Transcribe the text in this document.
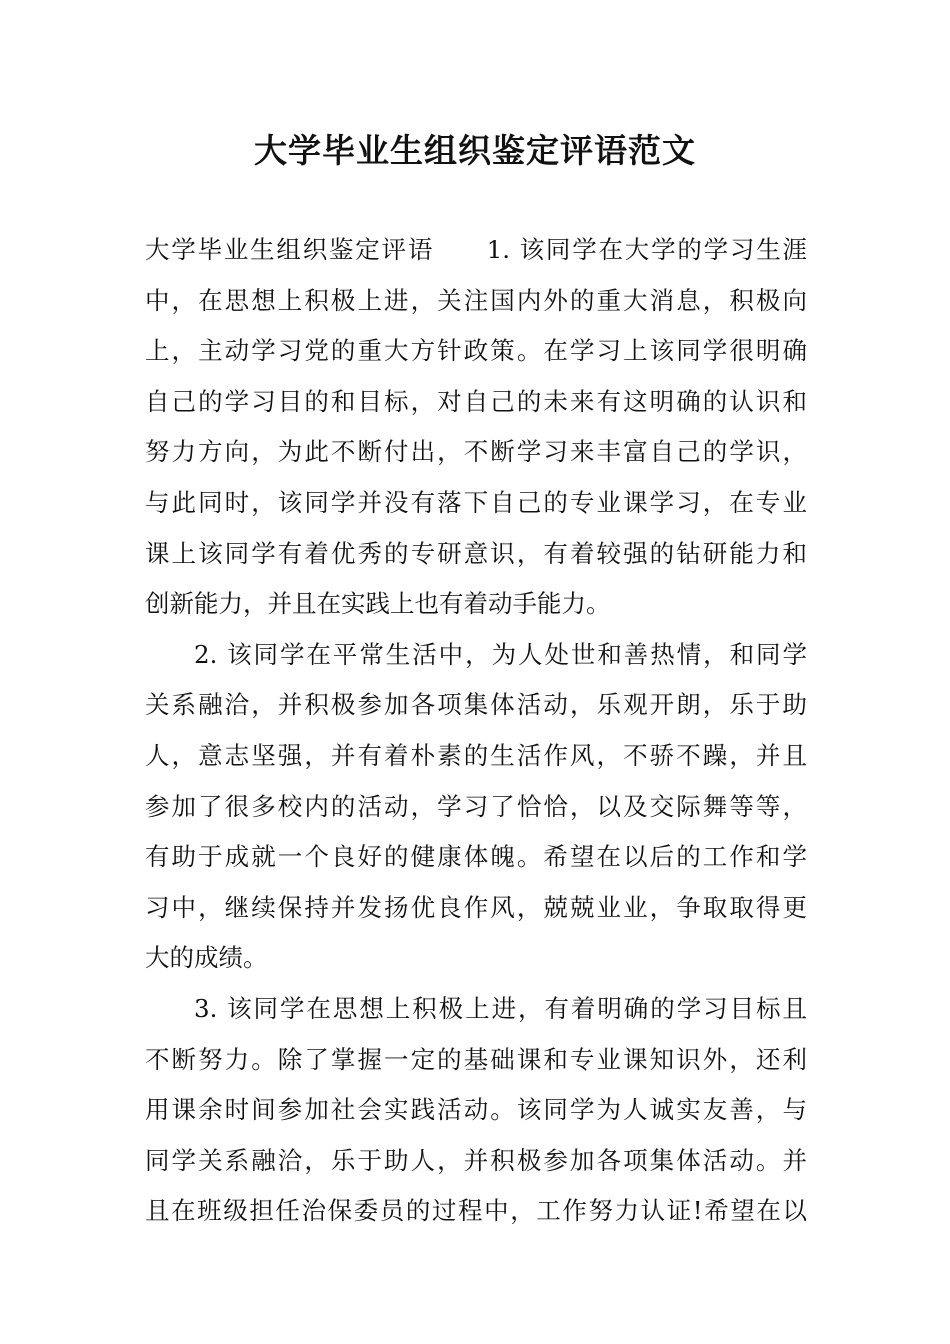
大学毕业生组织鉴定评语范文
大学毕业生组织鉴定评语　　1. 该同学在大学的学习生涯
中，在思想上积极上进，关注国内外的重大消息，积极向
上，主动学习党的重大方针政策。在学习上该同学很明确
自己的学习目的和目标，对自己的未来有这明确的认识和
努力方向，为此不断付出，不断学习来丰富自己的学识，
与此同时，该同学并没有落下自己的专业课学习，在专业
课上该同学有着优秀的专研意识，有着较强的钻研能力和
创新能力，并且在实践上也有着动手能力。
2. 该同学在平常生活中，为人处世和善热情，和同学
关系融洽，并积极参加各项集体活动，乐观开朗，乐于助
人，意志坚强，并有着朴素的生活作风，不骄不躁，并且
参加了很多校内的活动，学习了恰恰，以及交际舞等等，
有助于成就一个良好的健康体魄。希望在以后的工作和学
习中，继续保持并发扬优良作风，兢兢业业，争取取得更
大的成绩。
3. 该同学在思想上积极上进，有着明确的学习目标且
不断努力。除了掌握一定的基础课和专业课知识外，还利
用课余时间参加社会实践活动。该同学为人诚实友善，与
同学关系融洽，乐于助人，并积极参加各项集体活动。并
且在班级担任治保委员的过程中，工作努力认证!希望在以
